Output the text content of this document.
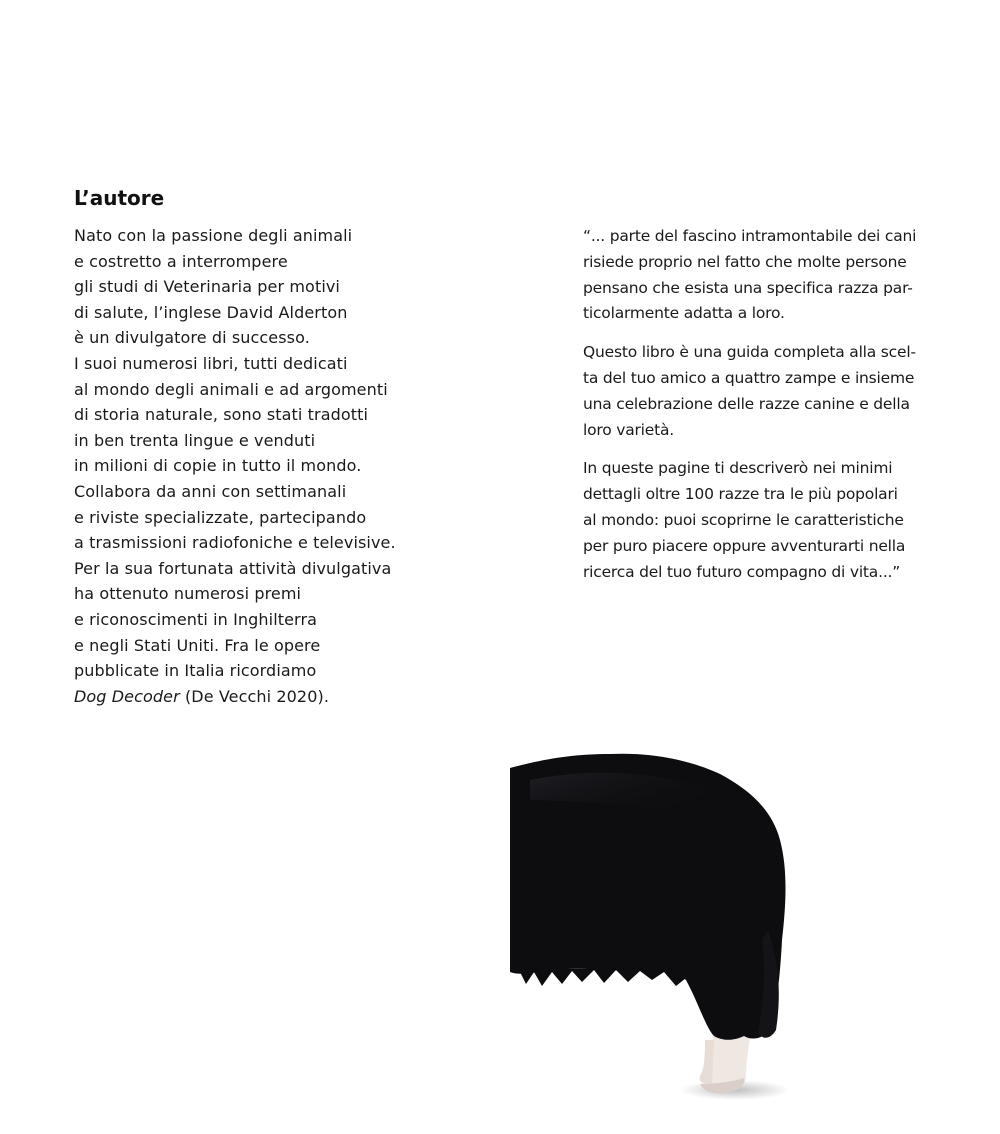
L’autore
Nato con la passione degli animali
e costretto a interrompere
gli studi di Veterinaria per motivi
di salute, l’inglese David Alderton
è un divulgatore di successo.
I suoi numerosi libri, tutti dedicati
al mondo degli animali e ad argomenti
di storia naturale, sono stati tradotti
in ben trenta lingue e venduti
in milioni di copie in tutto il mondo.
Collabora da anni con settimanali
e riviste specializzate, partecipando
a trasmissioni radiofoniche e televisive.
Per la sua fortunata attività divulgativa
ha ottenuto numerosi premi
e riconoscimenti in Inghilterra
e negli Stati Uniti. Fra le opere
pubblicate in Italia ricordiamo
Dog Decoder (De Vecchi 2020).

“... parte del fascino intramontabile dei cani
risiede proprio nel fatto che molte persone
pensano che esista una specifica razza par-
ticolarmente adatta a loro.

Questo libro è una guida completa alla scel-
ta del tuo amico a quattro zampe e insieme
una celebrazione delle razze canine e della
loro varietà.

In queste pagine ti descriverò nei minimi
dettagli oltre 100 razze tra le più popolari
al mondo: puoi scoprirne le caratteristiche
per puro piacere oppure avventurarti nella
ricerca del tuo futuro compagno di vita...”
